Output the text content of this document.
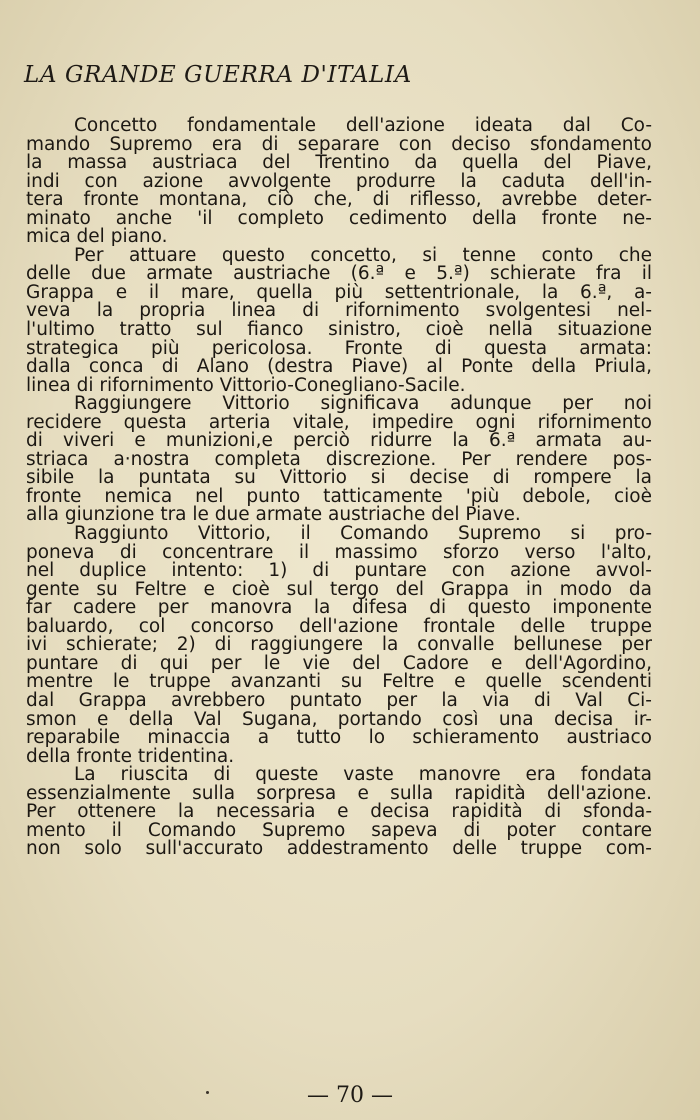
LA GRANDE GUERRA D'ITALIA
Concetto fondamentale dell'azione ideata dal Co-
mando Supremo era di separare con deciso sfondamento
la massa austriaca del Trentino da quella del Piave,
indi con azione avvolgente produrre la caduta dell'in-
tera fronte montana, ciò che, di riflesso, avrebbe deter-
minato anche 'il completo cedimento della fronte ne-
mica del piano.
Per attuare questo concetto, si tenne conto che
delle due armate austriache (6.ª e 5.ª) schierate fra il
Grappa e il mare, quella più settentrionale, la 6.ª, a-
veva la propria linea di rifornimento svolgentesi nel-
l'ultimo tratto sul fianco sinistro, cioè nella situazione
strategica più pericolosa. Fronte di questa armata:
dalla conca di Alano (destra Piave) al Ponte della Priula,
linea di rifornimento Vittorio-Conegliano-Sacile.
Raggiungere Vittorio significava adunque per noi
recidere questa arteria vitale, impedire ogni rifornimento
di viveri e munizioni,e perciò ridurre la 6.ª armata au-
striaca a·nostra completa discrezione. Per rendere pos-
sibile la puntata su Vittorio si decise di rompere la
fronte nemica nel punto tatticamente 'più debole, cioè
alla giunzione tra le due armate austriache del Piave.
Raggiunto Vittorio, il Comando Supremo si pro-
poneva di concentrare il massimo sforzo verso l'alto,
nel duplice intento: 1) di puntare con azione avvol-
gente su Feltre e cioè sul tergo del Grappa in modo da
far cadere per manovra la difesa di questo imponente
baluardo, col concorso dell'azione frontale delle truppe
ivi schierate; 2) di raggiungere la convalle bellunese per
puntare di qui per le vie del Cadore e dell'Agordino,
mentre le truppe avanzanti su Feltre e quelle scendenti
dal Grappa avrebbero puntato per la via di Val Ci-
smon e della Val Sugana, portando così una decisa ir-
reparabile minaccia a tutto lo schieramento austriaco
della fronte tridentina.
La riuscita di queste vaste manovre era fondata
essenzialmente sulla sorpresa e sulla rapidità dell'azione.
Per ottenere la necessaria e decisa rapidità di sfonda-
mento il Comando Supremo sapeva di poter contare
non solo sull'accurato addestramento delle truppe com-
— 70 —
